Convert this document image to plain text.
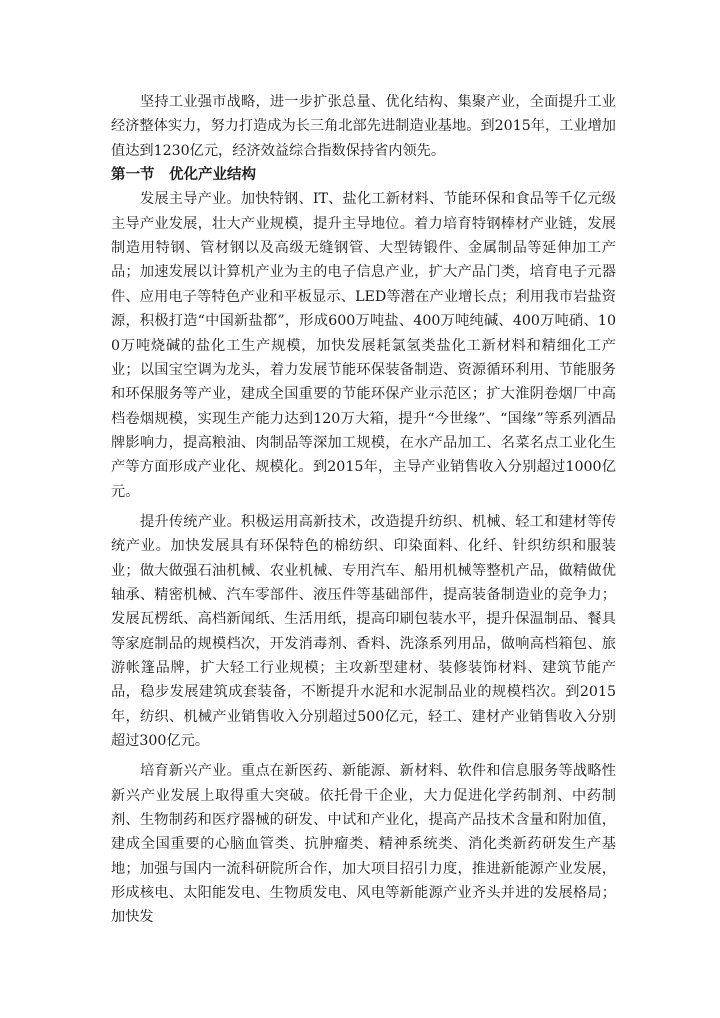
坚持工业强市战略，进一步扩张总量、优化结构、集聚产业，全面提升工业经济整体实力，努力打造成为长三角北部先进制造业基地。到2015年，工业增加值达到1230亿元，经济效益综合指数保持省内领先。

第一节　优化产业结构

发展主导产业。加快特钢、IT、盐化工新材料、节能环保和食品等千亿元级主导产业发展，壮大产业规模，提升主导地位。着力培育特钢棒材产业链，发展制造用特钢、管材钢以及高级无缝钢管、大型铸锻件、金属制品等延伸加工产品；加速发展以计算机产业为主的电子信息产业，扩大产品门类，培育电子元器件、应用电子等特色产业和平板显示、LED等潜在产业增长点；利用我市岩盐资源，积极打造“中国新盐都”，形成600万吨盐、400万吨纯碱、400万吨硝、100万吨烧碱的盐化工生产规模，加快发展耗氯氢类盐化工新材料和精细化工产业；以国宝空调为龙头，着力发展节能环保装备制造、资源循环利用、节能服务和环保服务等产业，建成全国重要的节能环保产业示范区；扩大淮阴卷烟厂中高档卷烟规模，实现生产能力达到120万大箱，提升“今世缘”、“国缘”等系列酒品牌影响力，提高粮油、肉制品等深加工规模，在水产品加工、名菜名点工业化生产等方面形成产业化、规模化。到2015年，主导产业销售收入分别超过1000亿元。

提升传统产业。积极运用高新技术，改造提升纺织、机械、轻工和建材等传统产业。加快发展具有环保特色的棉纺织、印染面料、化纤、针织纺织和服装业；做大做强石油机械、农业机械、专用汽车、船用机械等整机产品，做精做优轴承、精密机械、汽车零部件、液压件等基础部件，提高装备制造业的竞争力；发展瓦楞纸、高档新闻纸、生活用纸，提高印刷包装水平，提升保温制品、餐具等家庭制品的规模档次，开发消毒剂、香料、洗涤系列用品，做响高档箱包、旅游帐篷品牌，扩大轻工行业规模；主攻新型建材、装修装饰材料、建筑节能产品，稳步发展建筑成套装备，不断提升水泥和水泥制品业的规模档次。到2015年，纺织、机械产业销售收入分别超过500亿元，轻工、建材产业销售收入分别超过300亿元。

培育新兴产业。重点在新医药、新能源、新材料、软件和信息服务等战略性新兴产业发展上取得重大突破。依托骨干企业，大力促进化学药制剂、中药制剂、生物制药和医疗器械的研发、中试和产业化，提高产品技术含量和附加值，建成全国重要的心脑血管类、抗肿瘤类、精神系统类、消化类新药研发生产基地；加强与国内一流科研院所合作，加大项目招引力度，推进新能源产业发展，形成核电、太阳能发电、生物质发电、风电等新能源产业齐头并进的发展格局；加快发
